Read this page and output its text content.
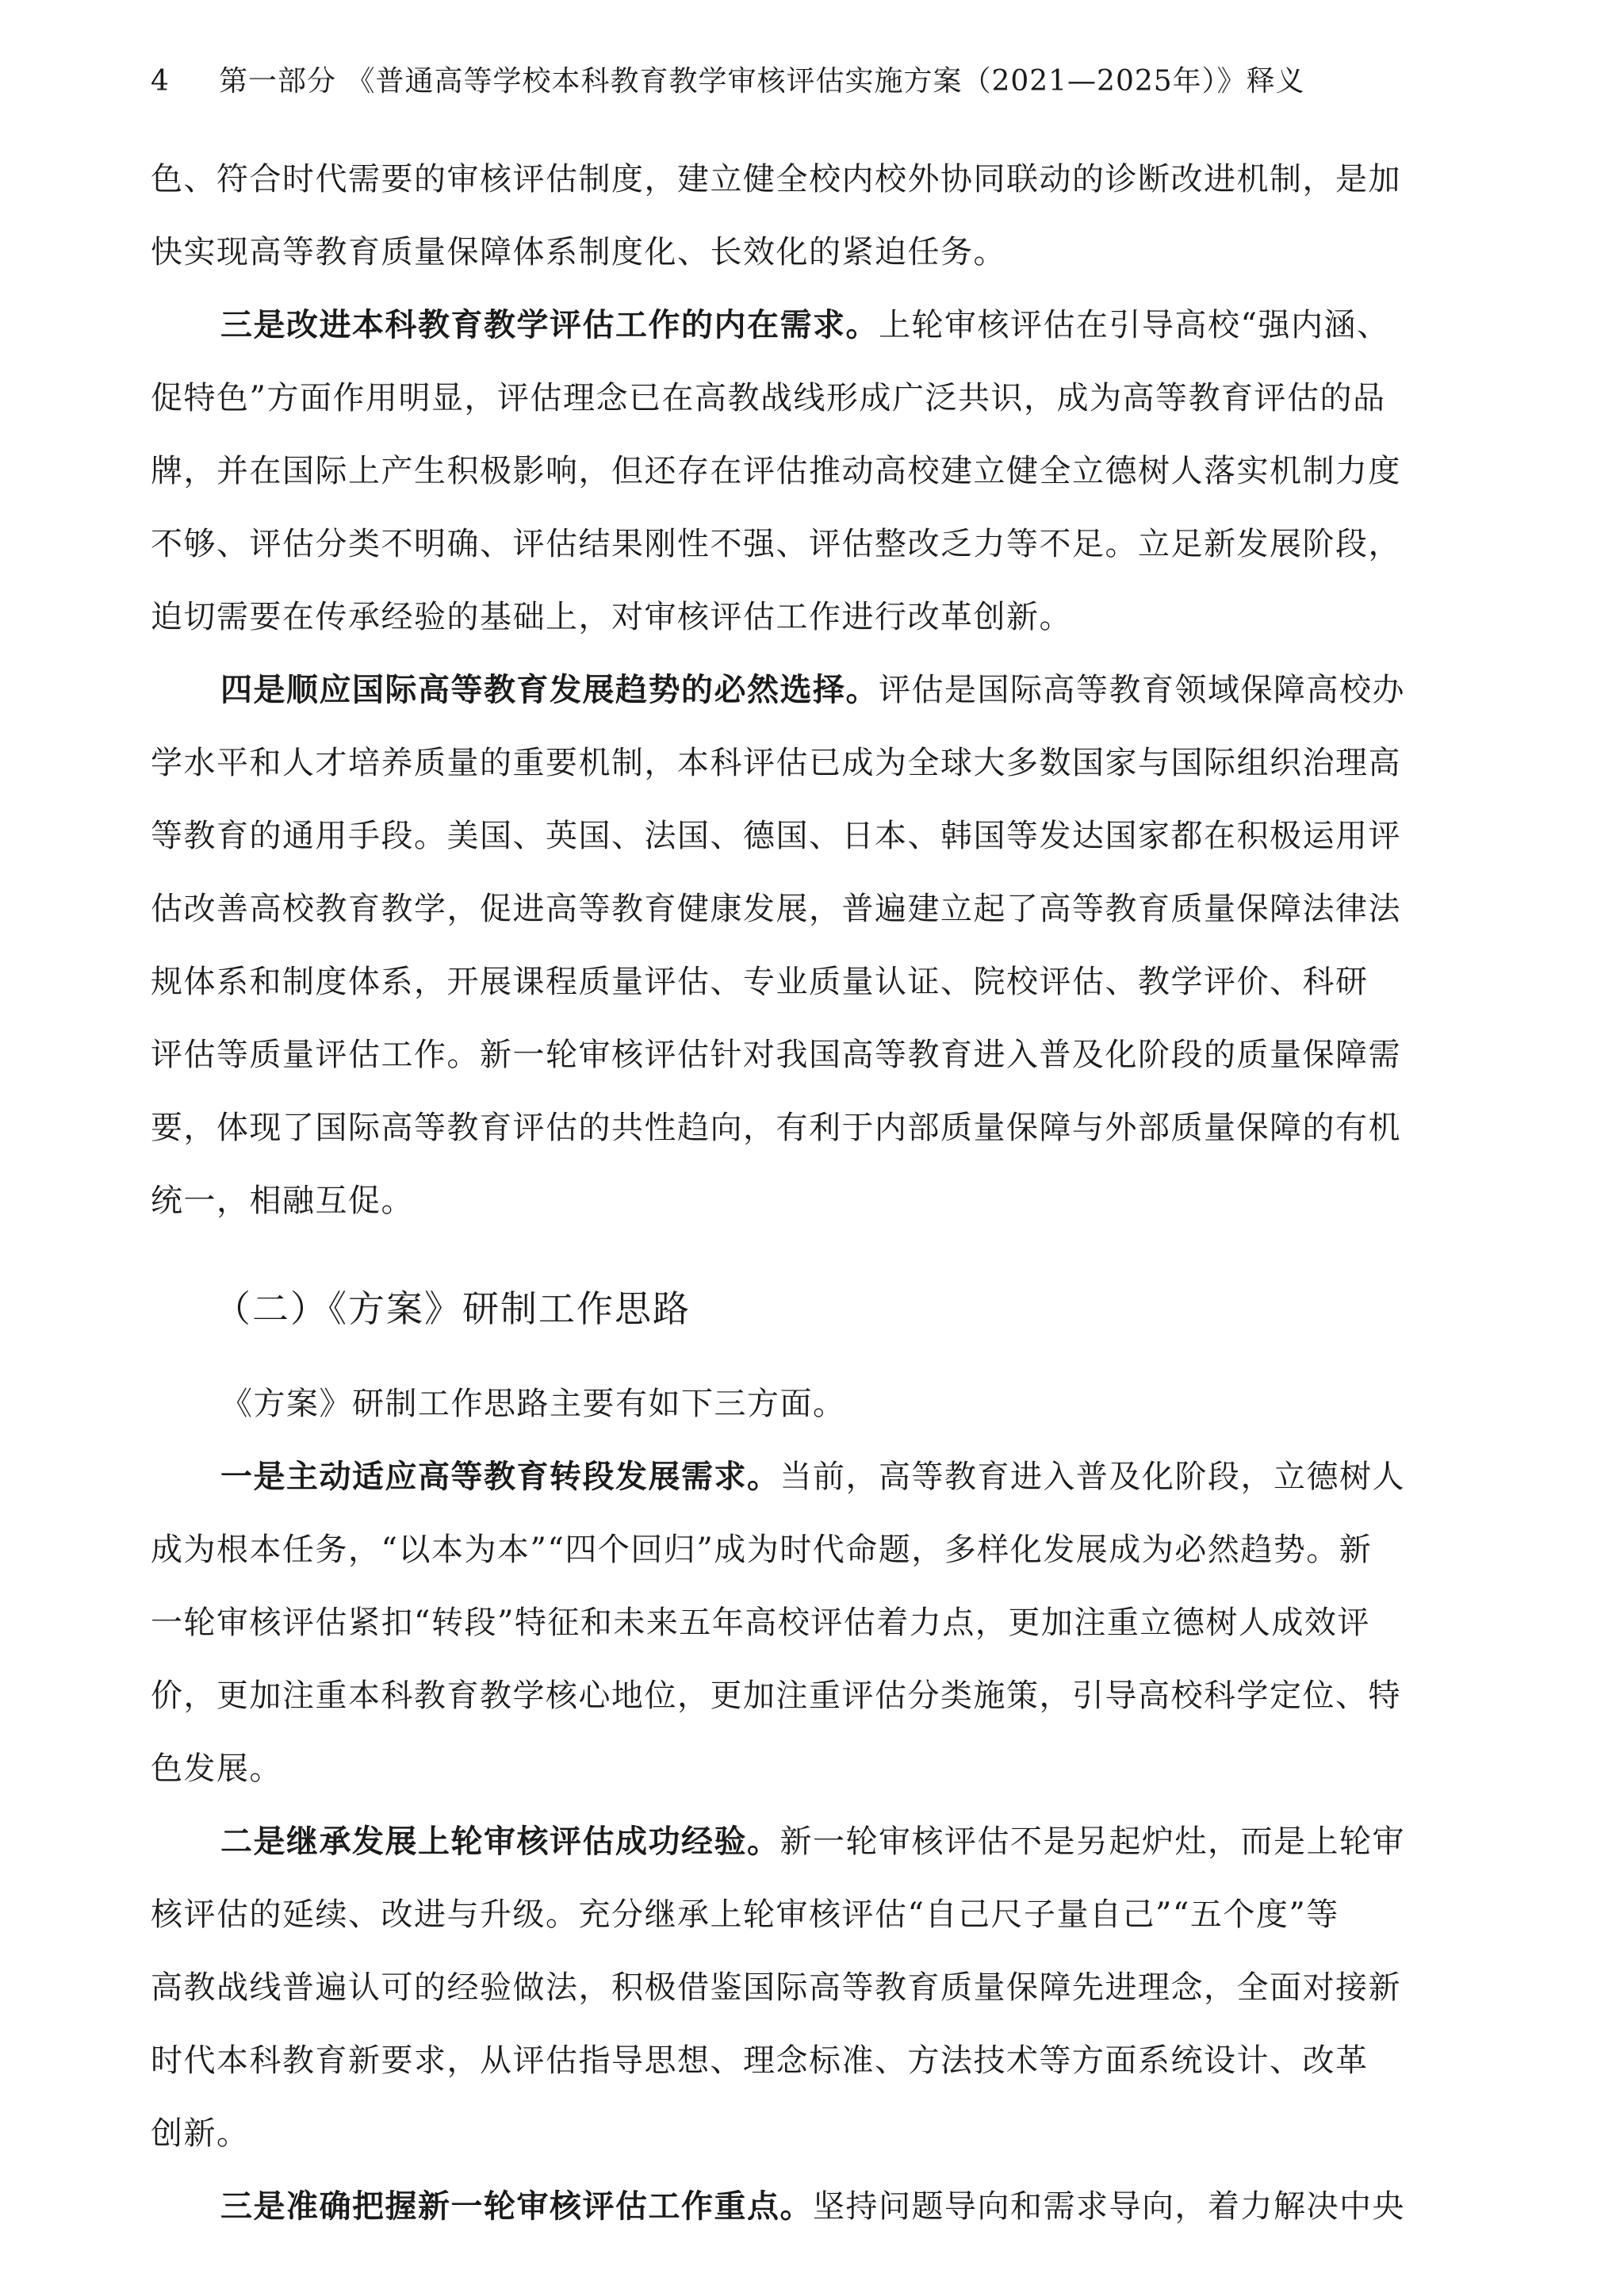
4 第一部分 《普通高等学校本科教育教学审核评估实施方案（2021—2025年）》释义
色、符合时代需要的审核评估制度，建立健全校内校外协同联动的诊断改进机制，是加
快实现高等教育质量保障体系制度化、长效化的紧迫任务。
三是改进本科教育教学评估工作的内在需求。上轮审核评估在引导高校“强内涵、
促特色”方面作用明显，评估理念已在高教战线形成广泛共识，成为高等教育评估的品
牌，并在国际上产生积极影响，但还存在评估推动高校建立健全立德树人落实机制力度
不够、评估分类不明确、评估结果刚性不强、评估整改乏力等不足。立足新发展阶段，
迫切需要在传承经验的基础上，对审核评估工作进行改革创新。
四是顺应国际高等教育发展趋势的必然选择。评估是国际高等教育领域保障高校办
学水平和人才培养质量的重要机制，本科评估已成为全球大多数国家与国际组织治理高
等教育的通用手段。美国、英国、法国、德国、日本、韩国等发达国家都在积极运用评
估改善高校教育教学，促进高等教育健康发展，普遍建立起了高等教育质量保障法律法
规体系和制度体系，开展课程质量评估、专业质量认证、院校评估、教学评价、科研
评估等质量评估工作。新一轮审核评估针对我国高等教育进入普及化阶段的质量保障需
要，体现了国际高等教育评估的共性趋向，有利于内部质量保障与外部质量保障的有机
统一，相融互促。
（二）《方案》研制工作思路
《方案》研制工作思路主要有如下三方面。
一是主动适应高等教育转段发展需求。当前，高等教育进入普及化阶段，立德树人
成为根本任务，“以本为本”“四个回归”成为时代命题，多样化发展成为必然趋势。新
一轮审核评估紧扣“转段”特征和未来五年高校评估着力点，更加注重立德树人成效评
价，更加注重本科教育教学核心地位，更加注重评估分类施策，引导高校科学定位、特
色发展。
二是继承发展上轮审核评估成功经验。新一轮审核评估不是另起炉灶，而是上轮审
核评估的延续、改进与升级。充分继承上轮审核评估“自己尺子量自己”“五个度”等
高教战线普遍认可的经验做法，积极借鉴国际高等教育质量保障先进理念，全面对接新
时代本科教育新要求，从评估指导思想、理念标准、方法技术等方面系统设计、改革
创新。
三是准确把握新一轮审核评估工作重点。坚持问题导向和需求导向，着力解决中央
